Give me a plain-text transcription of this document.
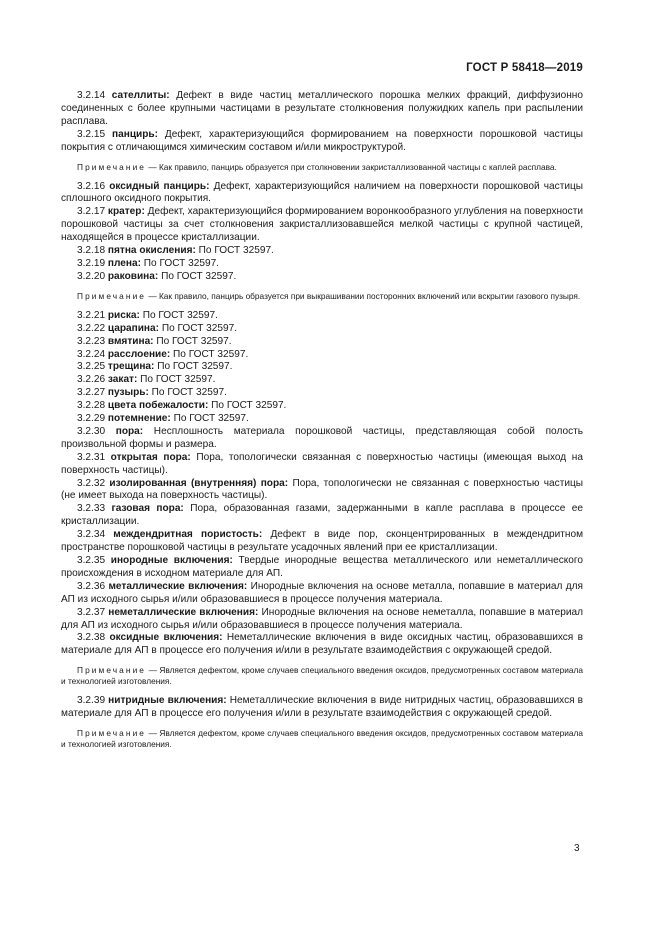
ГОСТ Р 58418—2019

3.2.14 сателлиты: Дефект в виде частиц металлического порошка мелких фракций, диффузионно соединенных с более крупными частицами в результате столкновения полужидких капель при распылении расплава.

3.2.15 панцирь: Дефект, характеризующийся формированием на поверхности порошковой частицы покрытия с отличающимся химическим составом и/или микроструктурой.

Примечание — Как правило, панцирь образуется при столкновении закристаллизованной частицы с каплей расплава.

3.2.16 оксидный панцирь: Дефект, характеризующийся наличием на поверхности порошковой частицы сплошного оксидного покрытия.

3.2.17 кратер: Дефект, характеризующийся формированием воронкообразного углубления на поверхности порошковой частицы за счет столкновения закристаллизовавшейся мелкой частицы с крупной частицей, находящейся в процессе кристаллизации.

3.2.18 пятна окисления: По ГОСТ 32597.

3.2.19 плена: По ГОСТ 32597.

3.2.20 раковина: По ГОСТ 32597.

Примечание — Как правило, панцирь образуется при выкрашивании посторонних включений или вскрытии газового пузыря.

3.2.21 риска: По ГОСТ 32597.

3.2.22 царапина: По ГОСТ 32597.

3.2.23 вмятина: По ГОСТ 32597.

3.2.24 расслоение: По ГОСТ 32597.

3.2.25 трещина: По ГОСТ 32597.

3.2.26 закат: По ГОСТ 32597.

3.2.27 пузырь: По ГОСТ 32597.

3.2.28 цвета побежалости: По ГОСТ 32597.

3.2.29 потемнение: По ГОСТ 32597.

3.2.30 пора: Несплошность материала порошковой частицы, представляющая собой полость произвольной формы и размера.

3.2.31 открытая пора: Пора, топологически связанная с поверхностью частицы (имеющая выход на поверхность частицы).

3.2.32 изолированная (внутренняя) пора: Пора, топологически не связанная с поверхностью частицы (не имеет выхода на поверхность частицы).

3.2.33 газовая пора: Пора, образованная газами, задержанными в капле расплава в процессе ее кристаллизации.

3.2.34 междендритная пористость: Дефект в виде пор, сконцентрированных в междендритном пространстве порошковой частицы в результате усадочных явлений при ее кристаллизации.

3.2.35 инородные включения: Твердые инородные вещества металлического или неметаллического происхождения в исходном материале для АП.

3.2.36 металлические включения: Инородные включения на основе металла, попавшие в материал для АП из исходного сырья и/или образовавшиеся в процессе получения материала.

3.2.37 неметаллические включения: Инородные включения на основе неметалла, попавшие в материал для АП из исходного сырья и/или образовавшиеся в процессе получения материала.

3.2.38 оксидные включения: Неметаллические включения в виде оксидных частиц, образовавшихся в материале для АП в процессе его получения и/или в результате взаимодействия с окружающей средой.

Примечание — Является дефектом, кроме случаев специального введения оксидов, предусмотренных составом материала и технологией изготовления.

3.2.39 нитридные включения: Неметаллические включения в виде нитридных частиц, образовавшихся в материале для АП в процессе его получения и/или в результате взаимодействия с окружающей средой.

Примечание — Является дефектом, кроме случаев специального введения оксидов, предусмотренных составом материала и технологией изготовления.

3
